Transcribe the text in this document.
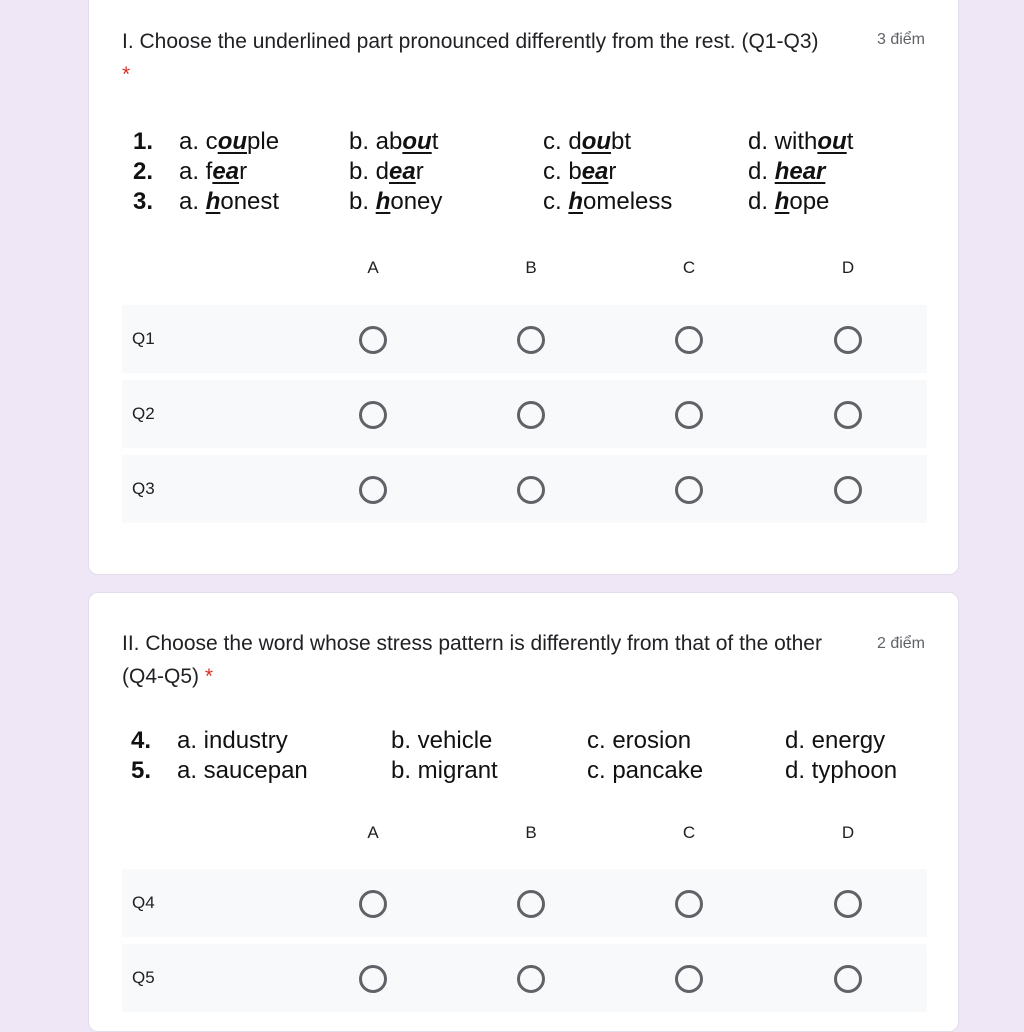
I. Choose the underlined part pronounced differently from the rest. (Q1-Q3) *
3 điểm
1.	a. couple	b. about	c. doubt	d. without
2.	a. fear	b. dear	c. bear	d. hear
3.	a. honest	b. honey	c. homeless	d. hope
A	B	C	D
Q1
Q2
Q3
II. Choose the word whose stress pattern is differently from that of the other (Q4-Q5) *
2 điểm
4.	a. industry	b. vehicle	c. erosion	d. energy
5.	a. saucepan	b. migrant	c. pancake	d. typhoon
A	B	C	D
Q4
Q5
